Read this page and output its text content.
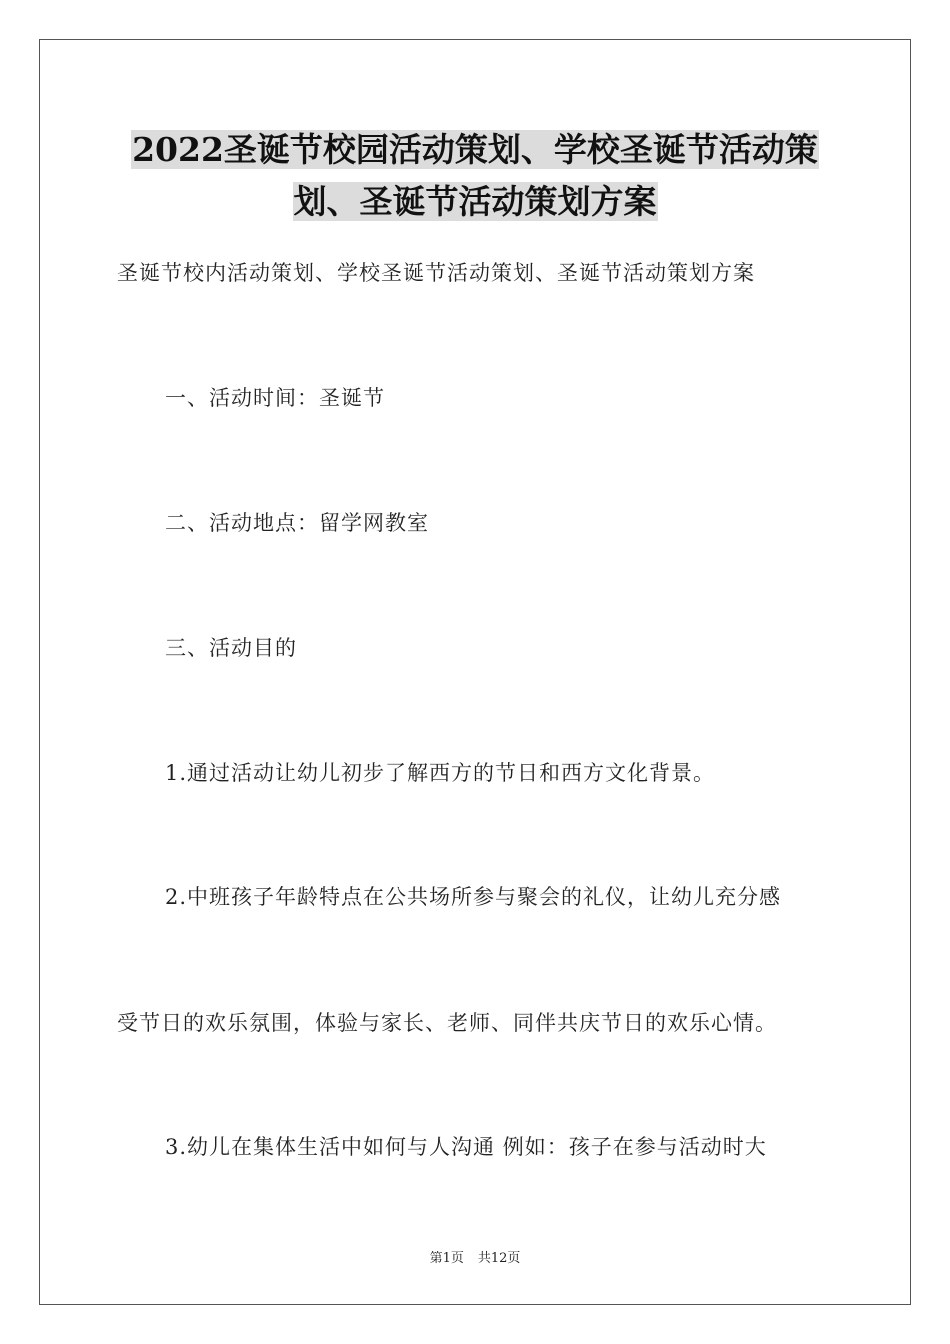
2022圣诞节校园活动策划、学校圣诞节活动策
划、圣诞节活动策划方案
圣诞节校内活动策划、学校圣诞节活动策划、圣诞节活动策划方案
一、活动时间：圣诞节
二、活动地点：留学网教室
三、活动目的
1.通过活动让幼儿初步了解西方的节日和西方文化背景。
2.中班孩子年龄特点在公共场所参与聚会的礼仪，让幼儿充分感
受节日的欢乐氛围，体验与家长、老师、同伴共庆节日的欢乐心情。
3.幼儿在集体生活中如何与人沟通 例如：孩子在参与活动时大
第1页 共12页
